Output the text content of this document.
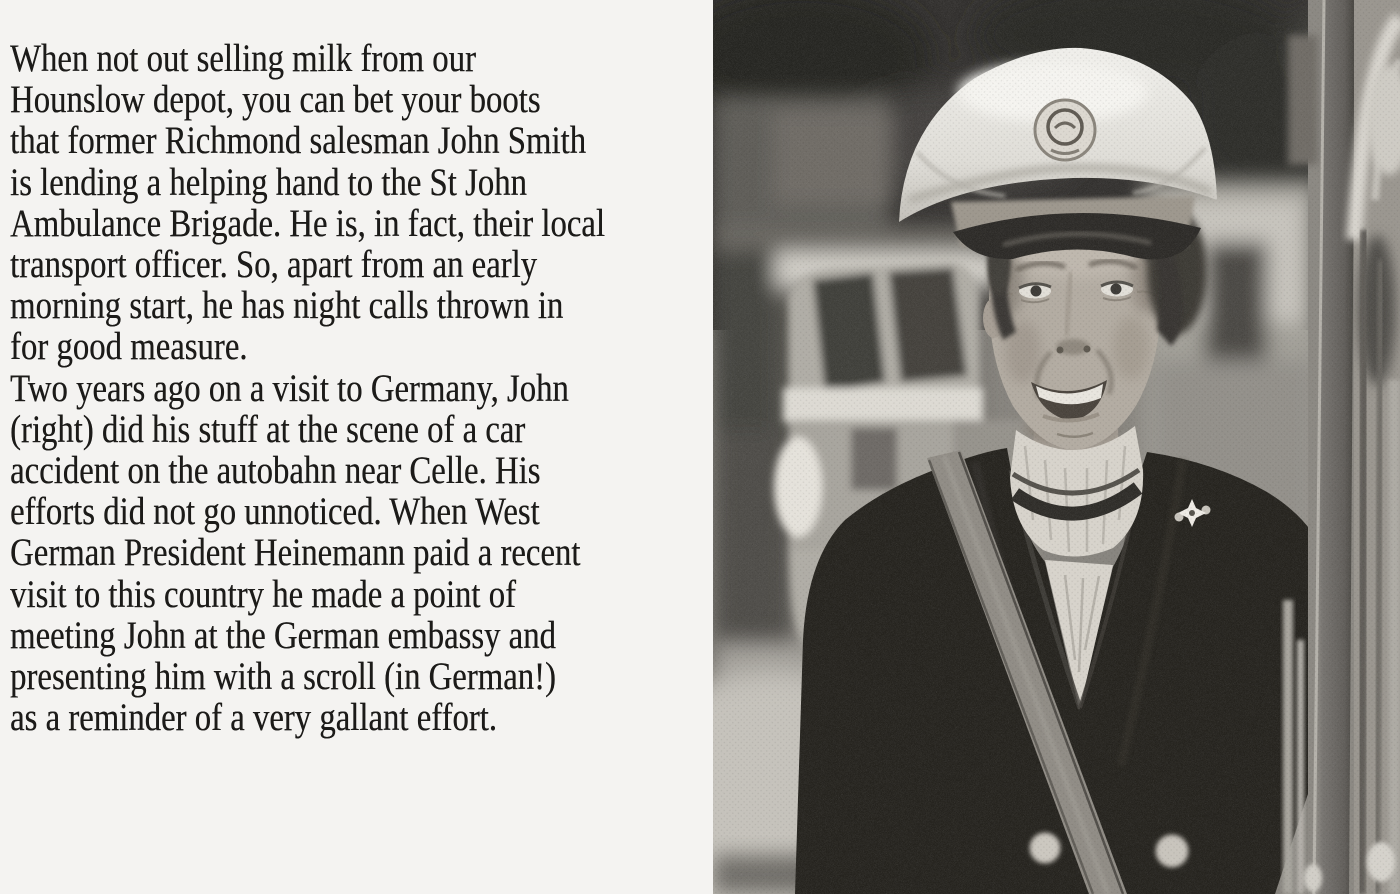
When not out selling milk from our
Hounslow depot, you can bet your boots
that former Richmond salesman John Smith
is lending a helping hand to the St John
Ambulance Brigade. He is, in fact, their local
transport officer. So, apart from an early
morning start, he has night calls thrown in
for good measure.
Two years ago on a visit to Germany, John
(right) did his stuff at the scene of a car
accident on the autobahn near Celle. His
efforts did not go unnoticed. When West
German President Heinemann paid a recent
visit to this country he made a point of
meeting John at the German embassy and
presenting him with a scroll (in German!)
as a reminder of a very gallant effort.
